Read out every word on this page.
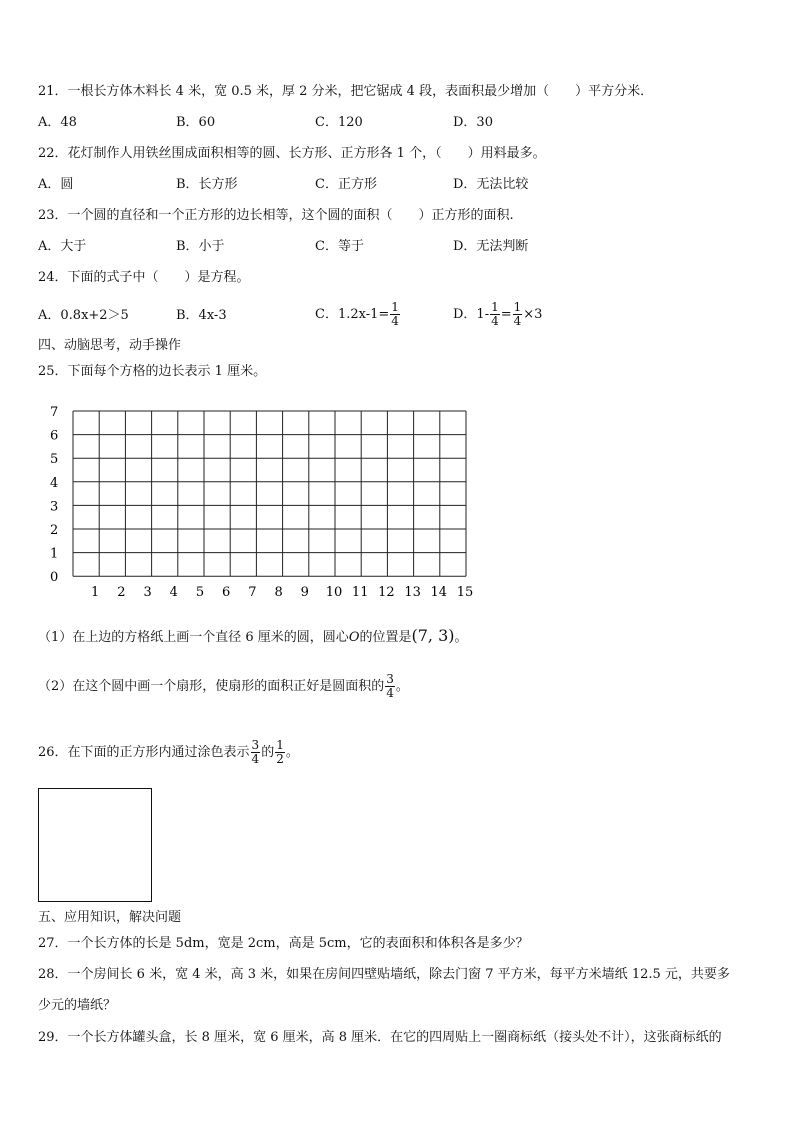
21．一根长方体木料长 4 米，宽 0.5 米，厚 2 分米，把它锯成 4 段，表面积最少增加（　　）平方分米．
A．48	B．60	C．120	D．30
22．花灯制作人用铁丝围成面积相等的圆、长方形、正方形各 1 个，（　　）用料最多。
A．圆	B．长方形	C．正方形	D．无法比较
23．一个圆的直径和一个正方形的边长相等，这个圆的面积（　　）正方形的面积.
A．大于	B．小于	C．等于	D．无法判断
24．下面的式子中（　　）是方程。
A．0.8x+2＞5	B．4x-3	C．$1.2x-1= \frac{1}{4}$	D．$1- \frac{1}{4} = \frac{1}{4} \times 3$
四、动脑思考，动手操作
25．下面每个方格的边长表示 1 厘米。
1 2 3 4 5 6 7 8 9 10 11 12 13 14 15
0
1
2
3
4
5
6
7
（1）在上边的方格纸上画一个直径 6 厘米的圆，圆心O的位置是(7, 3)。
（2）在这个圆中画一个扇形，使扇形的面积正好是圆面积的 $\frac{3}{4}$ 。
26．在下面的正方形内通过涂色表示 $\frac{3}{4}$ 的 $\frac{1}{2}$ 。
五、应用知识，解决问题
27．一个长方体的长是 5dm，宽是 2cm，高是 5cm，它的表面积和体积各是多少？
28．一个房间长 6 米，宽 4 米，高 3 米，如果在房间四壁贴墙纸，除去门窗 7 平方米，每平方米墙纸 12.5 元，共要多
少元的墙纸？
29．一个长方体罐头盒，长 8 厘米，宽 6 厘米，高 8 厘米．在它的四周贴上一圈商标纸（接头处不计），这张商标纸的
